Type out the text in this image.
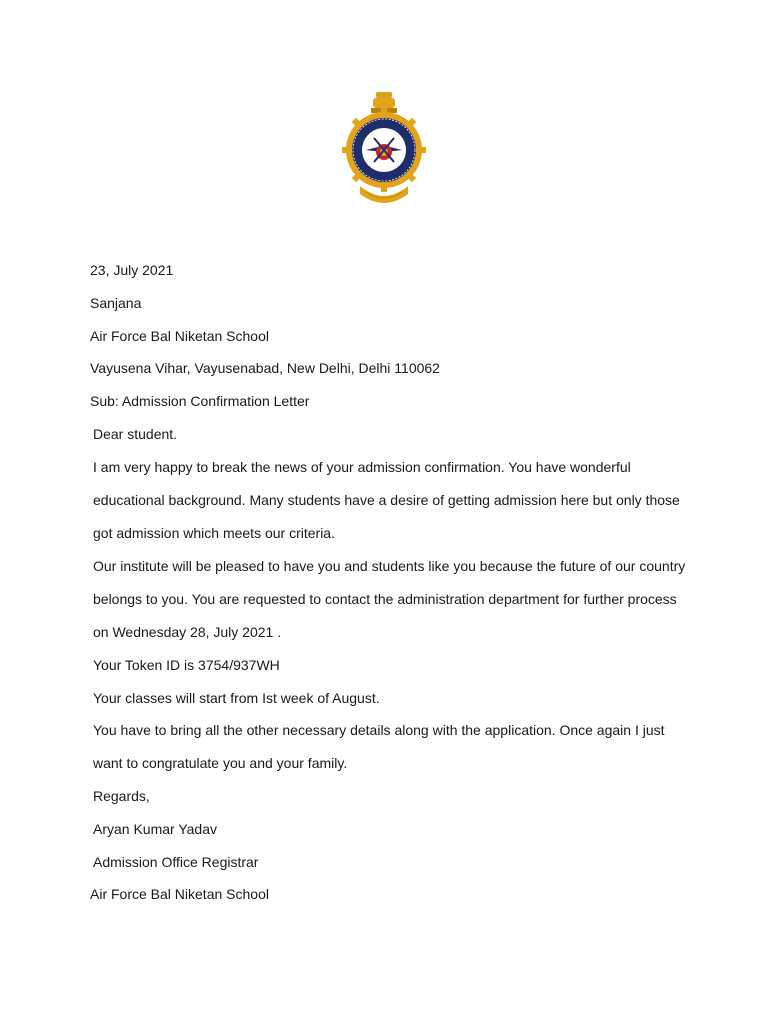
23, July 2021
Sanjana
Air Force Bal Niketan School
Vayusena Vihar, Vayusenabad, New Delhi, Delhi 110062
Sub: Admission Confirmation Letter
Dear student.
I am very happy to break the news of your admission confirmation. You have wonderful
educational background. Many students have a desire of getting admission here but only those
got admission which meets our criteria.
Our institute will be pleased to have you and students like you because the future of our country
belongs to you. You are requested to contact the administration department for further process
on Wednesday 28, July 2021 .
Your Token ID is 3754/937WH
Your classes will start from Ist week of August.
You have to bring all the other necessary details along with the application. Once again I just
want to congratulate you and your family.
Regards,
Aryan Kumar Yadav
Admission Office Registrar
Air Force Bal Niketan School
